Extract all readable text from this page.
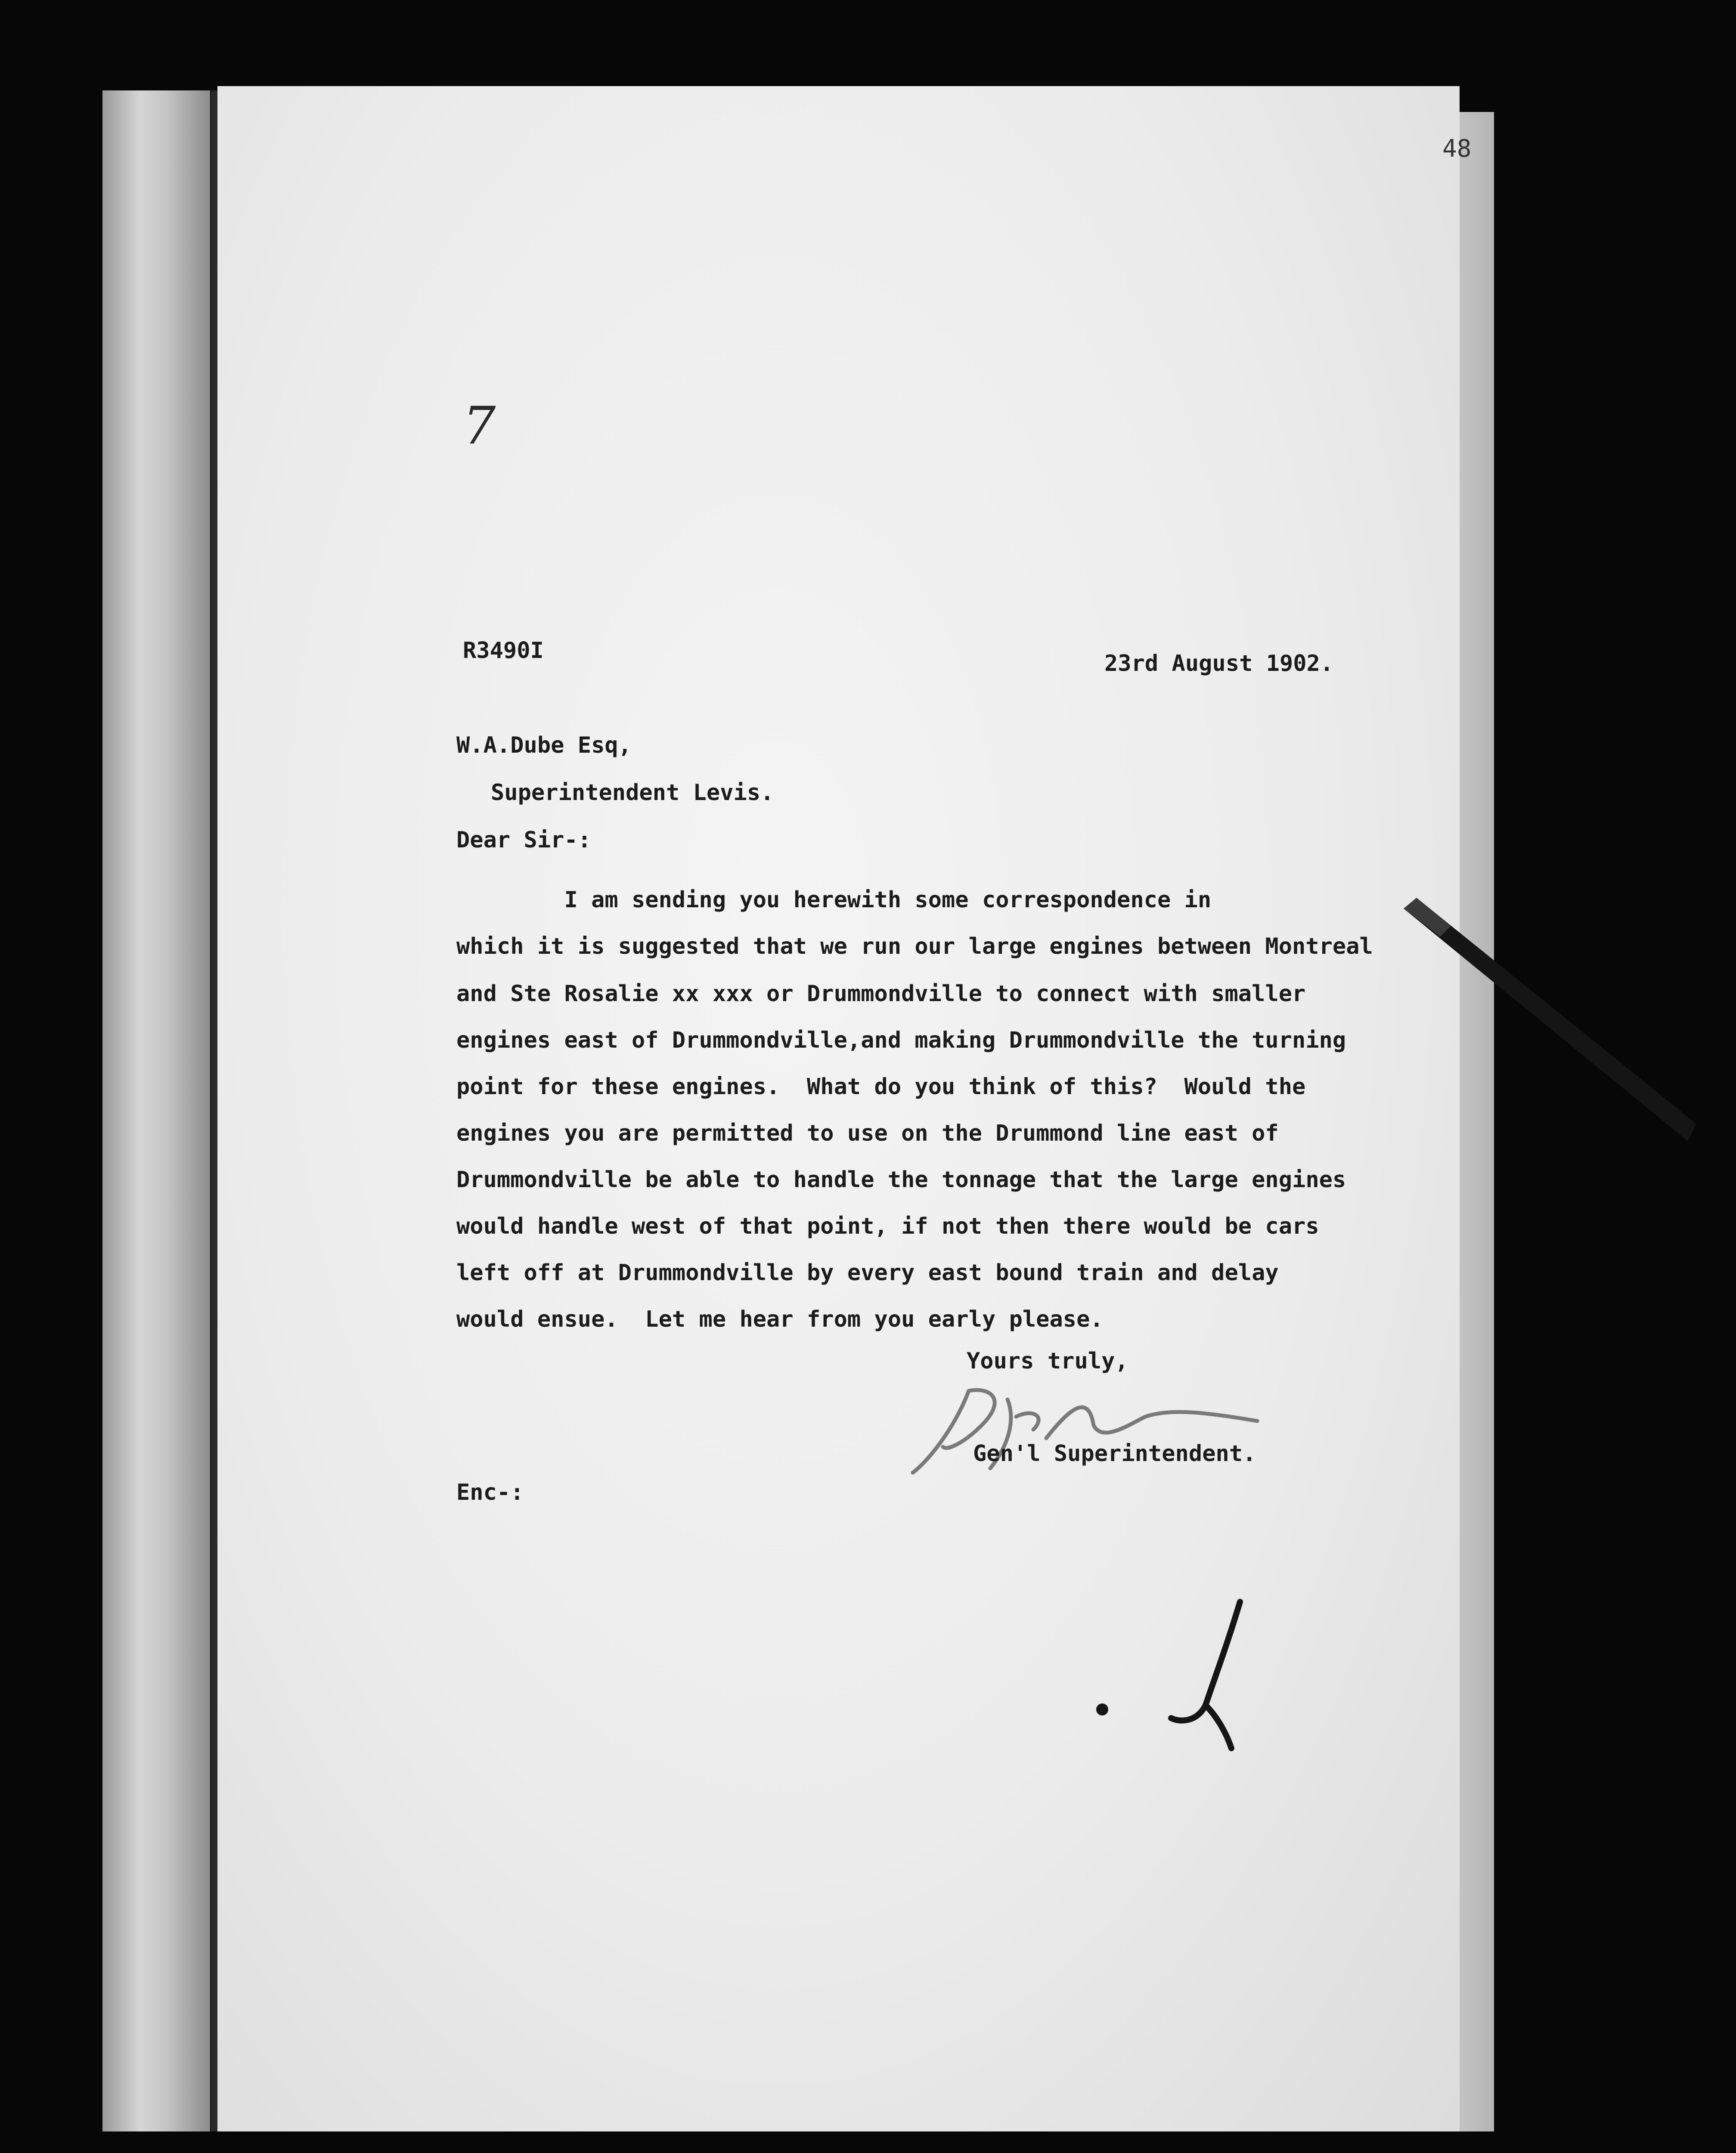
48
7
R3490I	23rd August 1902.
W.A.Dube Esq,
Superintendent Levis.
Dear Sir-:
I am sending you herewith some correspondence in
which it is suggested that we run our large engines between Montreal
and Ste Rosalie xx xxx or Drummondville to connect with smaller
engines east of Drummondville,and making Drummondville the turning
point for these engines.  What do you think of this?  Would the
engines you are permitted to use on the Drummond line east of
Drummondville be able to handle the tonnage that the large engines
would handle west of that point, if not then there would be cars
left off at Drummondville by every east bound train and delay
would ensue.  Let me hear from you early please.
Yours truly,
Gen'l Superintendent.
Enc-:
